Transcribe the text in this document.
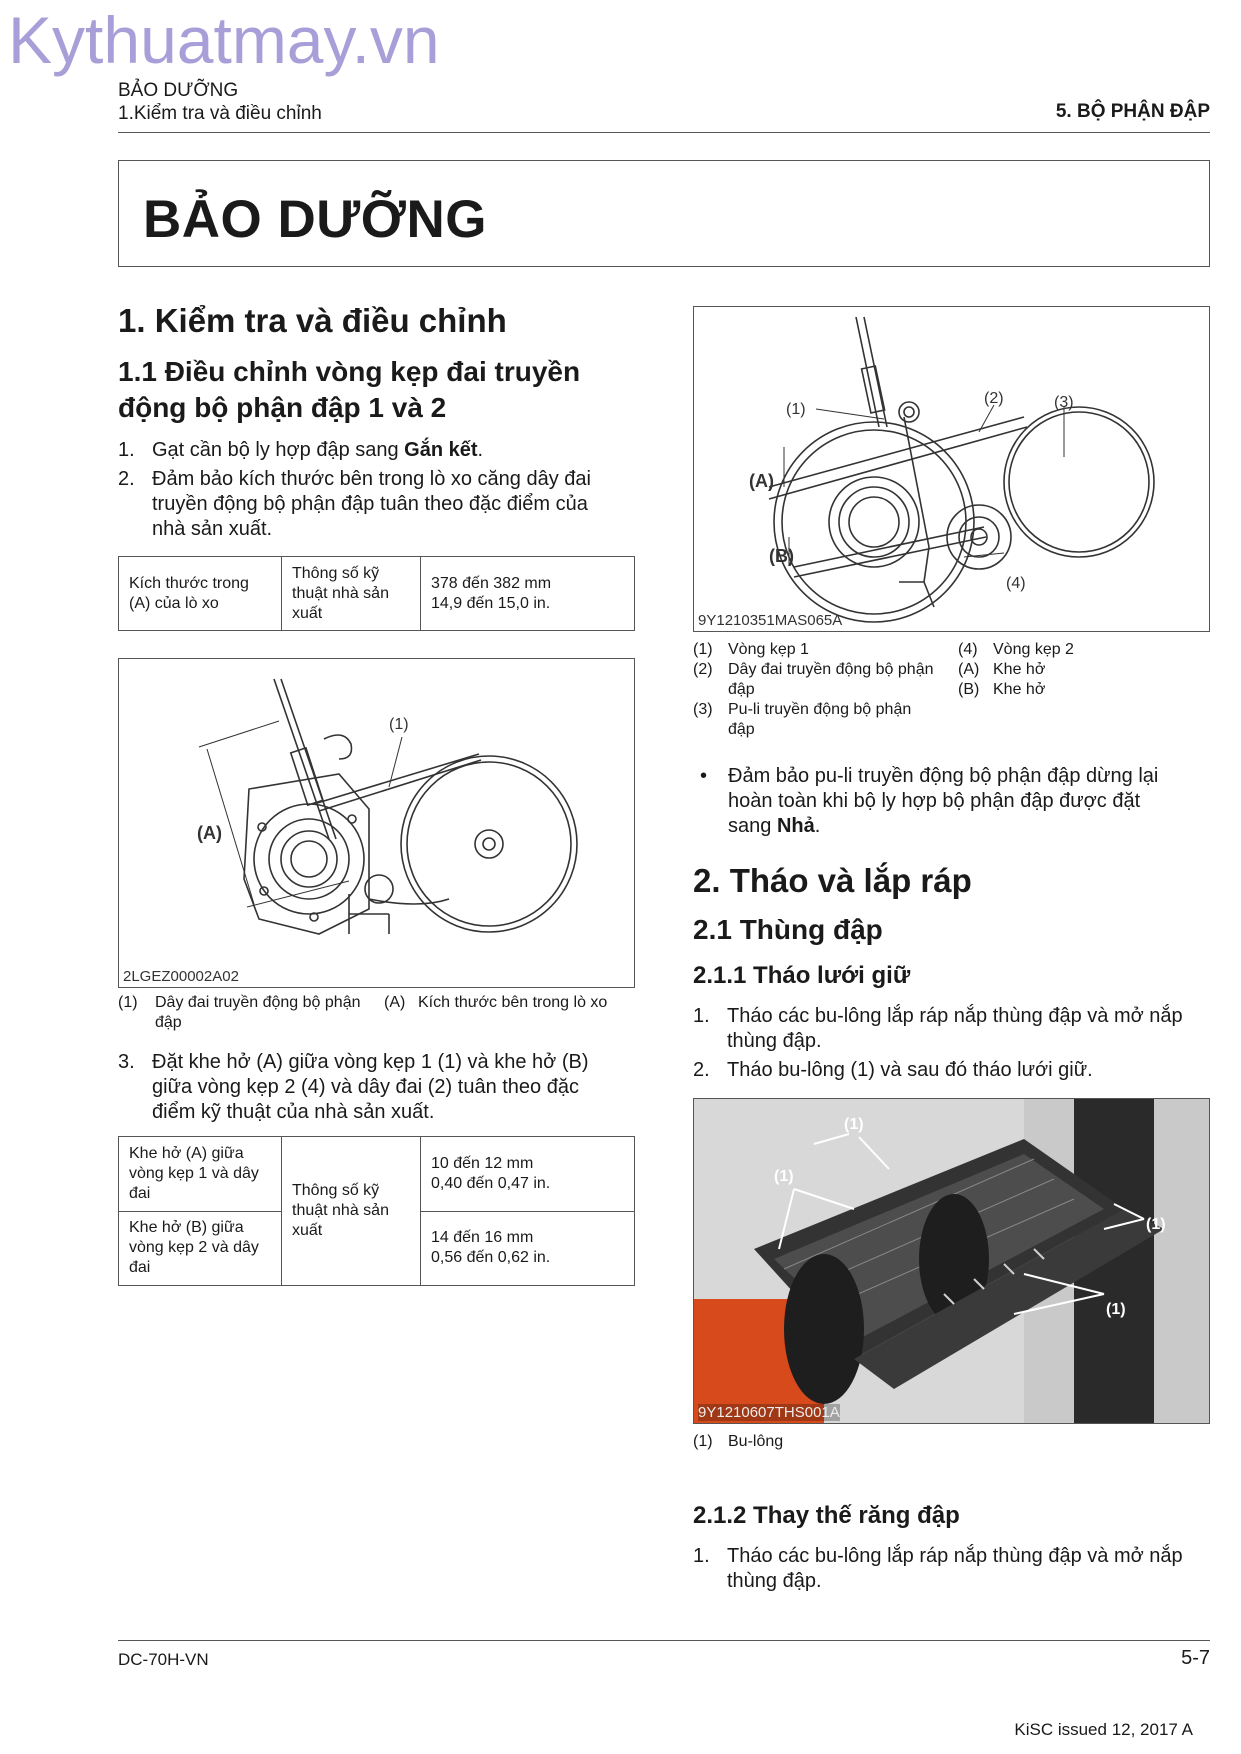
Kythuatmay.vn
BẢO DƯỠNG
1.Kiểm tra và điều chỉnh	5. BỘ PHẬN ĐẬP
BẢO DƯỠNG
1. Kiểm tra và điều chỉnh
1.1 Điều chỉnh vòng kẹp đai truyền
động bộ phận đập 1 và 2
1. Gạt cần bộ ly hợp đập sang Gắn kết.
2. Đảm bảo kích thước bên trong lò xo căng dây đai
truyền động bộ phận đập tuân theo đặc điểm của
nhà sản xuất.
Kích thước trong (A) của lò xo	Thông số kỹ thuật nhà sản xuất	
378 đến 382 mm
14,9 đến 15,0 in.
(1)
(A)
2LGEZ00002A02
(1) Dây đai truyền động bộ phận đập
(A) Kích thước bên trong lò xo
3. Đặt khe hở (A) giữa vòng kẹp 1 (1) và khe hở (B)
giữa vòng kẹp 2 (4) và dây đai (2) tuân theo đặc
điểm kỹ thuật của nhà sản xuất.
Khe hở (A) giữa vòng kẹp 1 và dây đai	Thông số kỹ thuật nhà sản xuất	10 đến 12 mm
0,40 đến 0,47 in.

Khe hở (B) giữa vòng kẹp 2 và dây đai		14 đến 16 mm
0,56 đến 0,62 in.
(1)
(2)	(3)
(A)
(B)
(4)
9Y1210351MAS065A
(1) Vòng kẹp 1
(2) Dây đai truyền động bộ phận đập
(3) Pu-li truyền động bộ phận đập
(4) Vòng kẹp 2
(A) Khe hở
(B) Khe hở
• Đảm bảo pu-li truyền động bộ phận đập dừng lại
hoàn toàn khi bộ ly hợp bộ phận đập được đặt
sang Nhả.
2. Tháo và lắp ráp
2.1 Thùng đập
2.1.1 Tháo lưới giữ
1. Tháo các bu-lông lắp ráp nắp thùng đập và mở nắp
thùng đập.
2. Tháo bu-lông (1) và sau đó tháo lưới giữ.
(1)
(1)
(1)
(1)
9Y1210607THS001A
(1) Bu-lông
2.1.2 Thay thế răng đập
1. Tháo các bu-lông lắp ráp nắp thùng đập và mở nắp
thùng đập.
DC-70H-VN	5-7
KiSC issued 12, 2017 A
